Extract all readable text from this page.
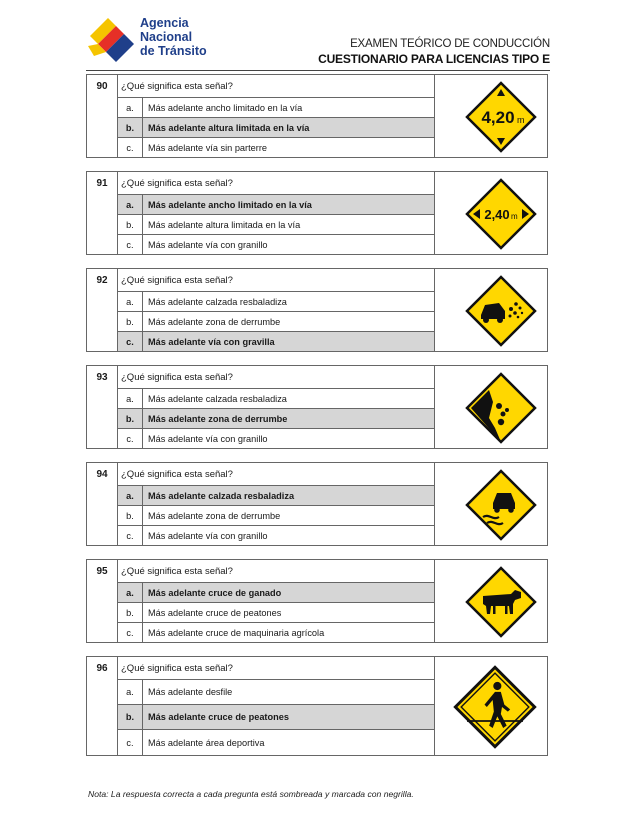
Agencia
Nacional
de Tránsito	EXAMEN TEÓRICO DE CONDUCCIÓN
CUESTIONARIO PARA LICENCIAS TIPO E
90	¿Qué significa esta señal?
a.	Más adelante ancho limitado en la vía
b.	Más adelante altura limitada en la vía
c.	Más adelante vía sin parterre
4,20 m
91	¿Qué significa esta señal?
a.	Más adelante ancho limitado en la vía
b.	Más adelante altura limitada en la vía
c.	Más adelante vía con granillo
2,40 m
92	¿Qué significa esta señal?
a.	Más adelante calzada resbaladiza
b.	Más adelante zona de derrumbe
c.	Más adelante vía con gravilla
93	¿Qué significa esta señal?
a.	Más adelante calzada resbaladiza
b.	Más adelante zona de derrumbe
c.	Más adelante vía con granillo
94	¿Qué significa esta señal?
a.	Más adelante calzada resbaladiza
b.	Más adelante zona de derrumbe
c.	Más adelante vía con granillo
95	¿Qué significa esta señal?
a.	Más adelante cruce de ganado
b.	Más adelante cruce de peatones
c.	Más adelante cruce de maquinaria agrícola
96	¿Qué significa esta señal?
a.	Más adelante desfile
b.	Más adelante cruce de peatones
c.	Más adelante área deportiva
Nota: La respuesta correcta a cada pregunta está sombreada y marcada con negrilla.
